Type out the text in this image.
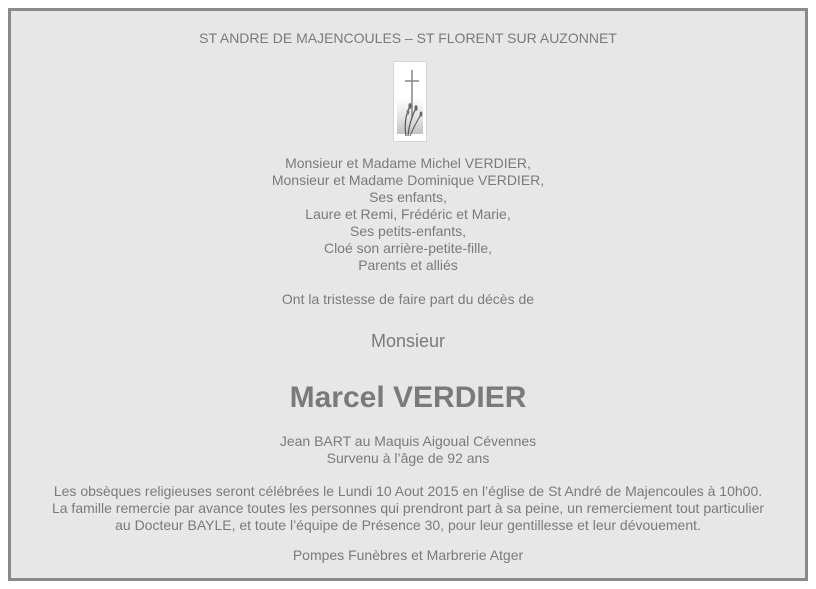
ST ANDRE DE MAJENCOULES – ST FLORENT SUR AUZONNET
Monsieur et Madame Michel VERDIER,
Monsieur et Madame Dominique VERDIER,
Ses enfants,
Laure et Remi, Frédéric et Marie,
Ses petits-enfants,
Cloé son arrière-petite-fille,
Parents et alliés
Ont la tristesse de faire part du décès de
Monsieur
Marcel VERDIER
Jean BART au Maquis Aigoual Cévennes
Survenu à l’âge de 92 ans
Les obsèques religieuses seront célébrées le Lundi 10 Aout 2015 en l’église de St André de Majencoules à 10h00.
La famille remercie par avance toutes les personnes qui prendront part à sa peine, un remerciement tout particulier
au Docteur BAYLE, et toute l’équipe de Présence 30, pour leur gentillesse et leur dévouement.
Pompes Funèbres et Marbrerie Atger
